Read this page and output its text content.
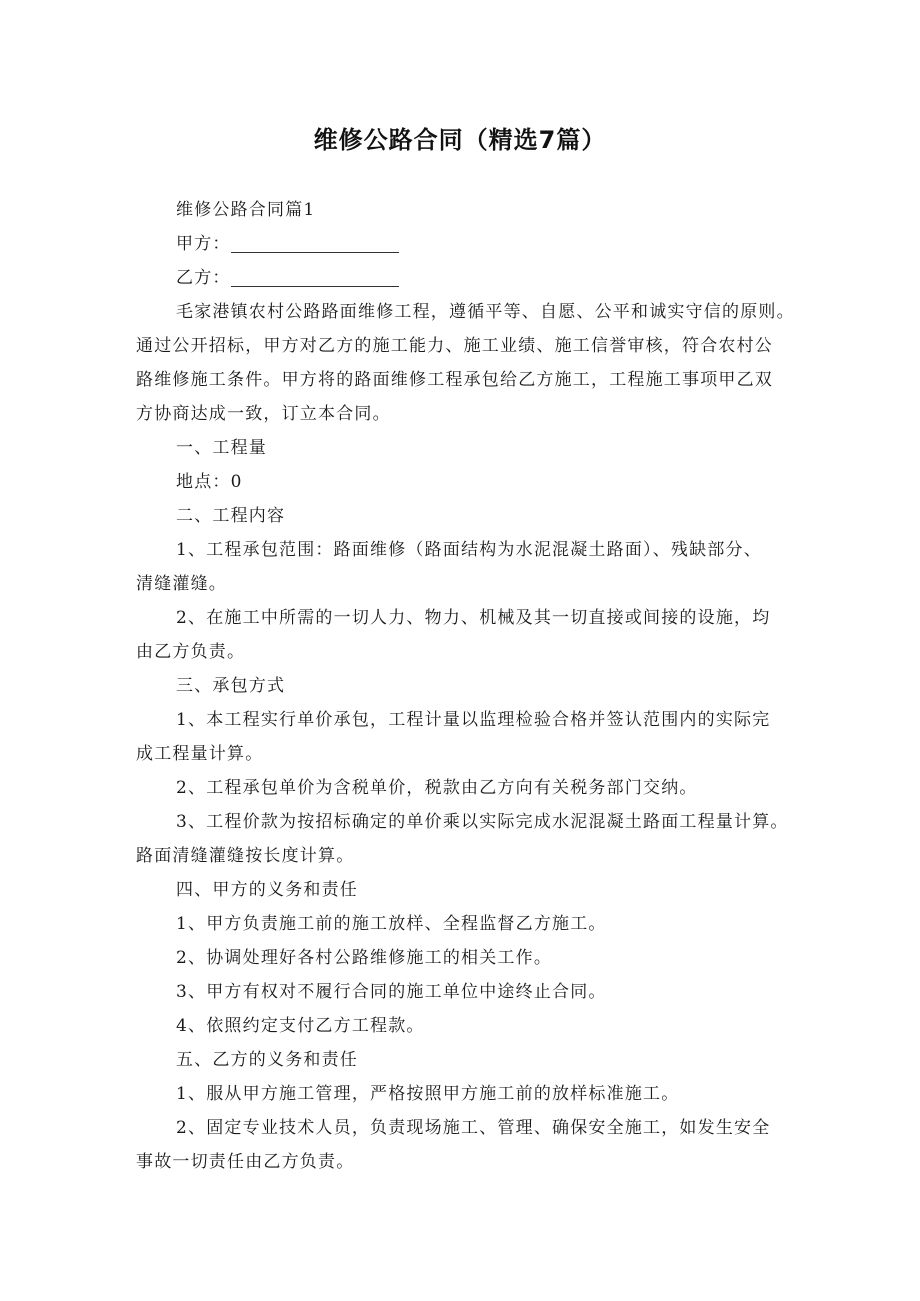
维修公路合同（精选7篇）

维修公路合同篇1

甲方：

乙方：

毛家港镇农村公路路面维修工程，遵循平等、自愿、公平和诚实守信的原则。

通过公开招标，甲方对乙方的施工能力、施工业绩、施工信誉审核，符合农村公

路维修施工条件。甲方将的路面维修工程承包给乙方施工，工程施工事项甲乙双

方协商达成一致，订立本合同。

一、工程量

地点：0

二、工程内容

1、工程承包范围：路面维修（路面结构为水泥混凝土路面）、残缺部分、

清缝灌缝。

2、在施工中所需的一切人力、物力、机械及其一切直接或间接的设施，均

由乙方负责。

三、承包方式

1、本工程实行单价承包，工程计量以监理检验合格并签认范围内的实际完

成工程量计算。

2、工程承包单价为含税单价，税款由乙方向有关税务部门交纳。

3、工程价款为按招标确定的单价乘以实际完成水泥混凝土路面工程量计算。

路面清缝灌缝按长度计算。

四、甲方的义务和责任

1、甲方负责施工前的施工放样、全程监督乙方施工。

2、协调处理好各村公路维修施工的相关工作。

3、甲方有权对不履行合同的施工单位中途终止合同。

4、依照约定支付乙方工程款。

五、乙方的义务和责任

1、服从甲方施工管理，严格按照甲方施工前的放样标准施工。

2、固定专业技术人员，负责现场施工、管理、确保安全施工，如发生安全

事故一切责任由乙方负责。
